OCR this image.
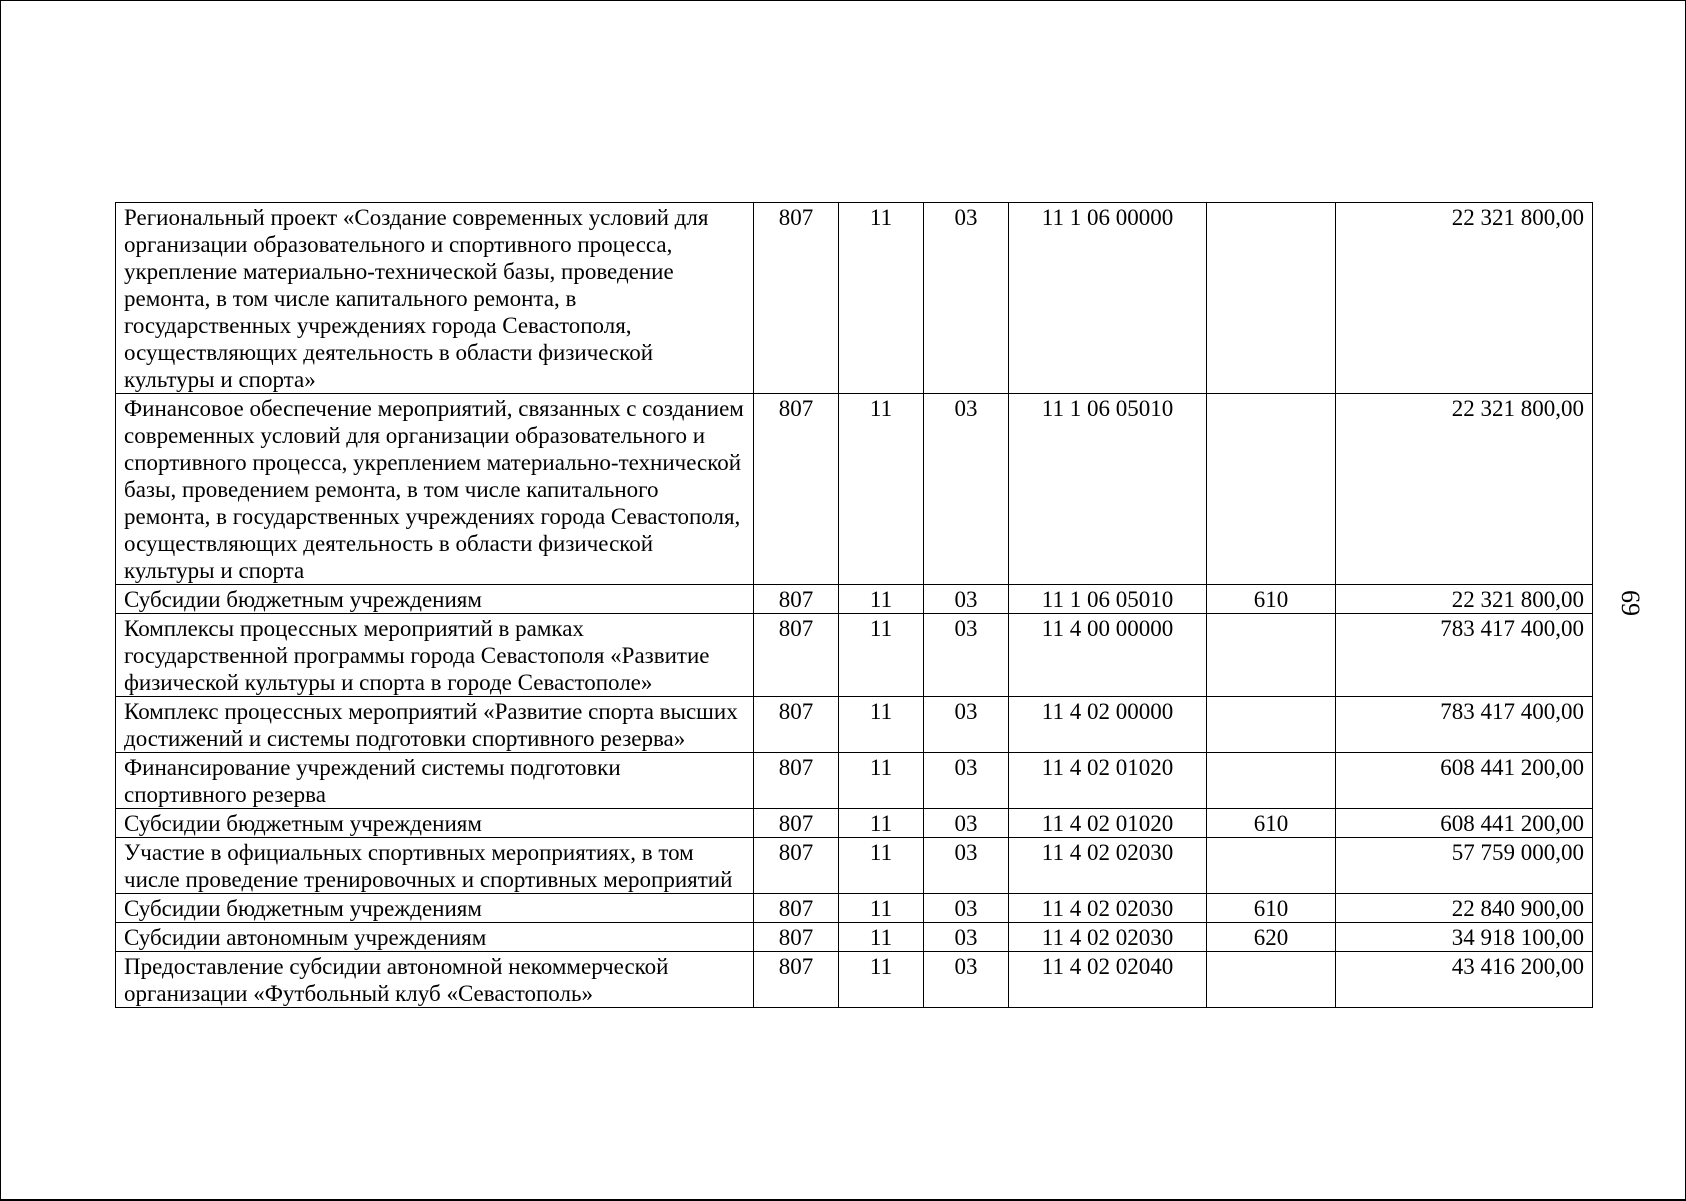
Региональный проект «Создание современных условий для организации образовательного и спортивного процесса, укрепление материально-технической базы, проведение ремонта, в том числе капитального ремонта, в государственных учреждениях города Севастополя, осуществляющих деятельность в области физической культуры и спорта»	807	11	03	11 1 06 00000		22 321 800,00
Финансовое обеспечение мероприятий, связанных с созданием современных условий для организации образовательного и спортивного процесса, укреплением материально-технической базы, проведением ремонта, в том числе капитального ремонта, в государственных учреждениях города Севастополя, осуществляющих деятельность в области физической культуры и спорта	807	11	03	11 1 06 05010		22 321 800,00
Субсидии бюджетным учреждениям	807	11	03	11 1 06 05010	610	22 321 800,00
Комплексы процессных мероприятий в рамках государственной программы города Севастополя «Развитие физической культуры и спорта в городе Севастополе»	807	11	03	11 4 00 00000		783 417 400,00
Комплекс процессных мероприятий «Развитие спорта высших достижений и системы подготовки спортивного резерва»	807	11	03	11 4 02 00000		783 417 400,00
Финансирование учреждений системы подготовки спортивного резерва	807	11	03	11 4 02 01020		608 441 200,00
Субсидии бюджетным учреждениям	807	11	03	11 4 02 01020	610	608 441 200,00
Участие в официальных спортивных мероприятиях, в том числе проведение тренировочных и спортивных мероприятий	807	11	03	11 4 02 02030		57 759 000,00
Субсидии бюджетным учреждениям	807	11	03	11 4 02 02030	610	22 840 900,00
Субсидии автономным учреждениям	807	11	03	11 4 02 02030	620	34 918 100,00
Предоставление субсидии автономной некоммерческой организации «Футбольный клуб «Севастополь»	807	11	03	11 4 02 02040		43 416 200,00
69
